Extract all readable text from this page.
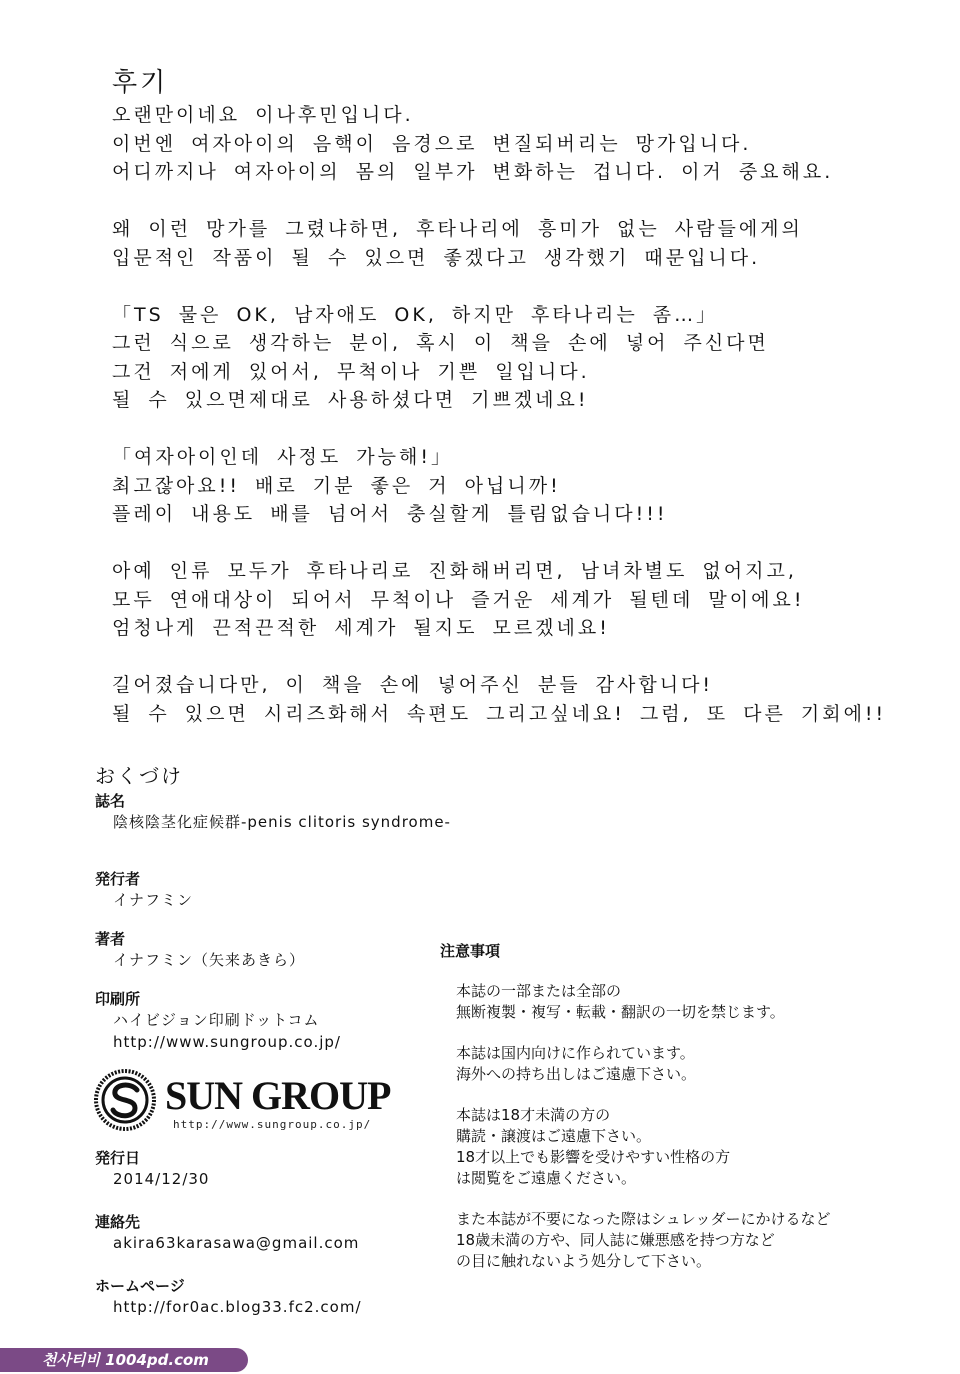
후기
오랜만이네요 이나후민입니다.
이번엔 여자아이의 음핵이 음경으로 변질되버리는 망가입니다.
어디까지나 여자아이의 몸의 일부가 변화하는 겁니다. 이거 중요해요.
왜 이런 망가를 그렸냐하면, 후타나리에 흥미가 없는 사람들에게의
입문적인 작품이 될 수 있으면 좋겠다고 생각했기 때문입니다.
「TS 물은 OK, 남자애도 OK, 하지만 후타나리는 좀…」
그런 식으로 생각하는 분이, 혹시 이 책을 손에 넣어 주신다면
그건 저에게 있어서, 무척이나 기쁜 일입니다.
될 수 있으면제대로 사용하셨다면 기쁘겠네요!
「여자아이인데 사정도 가능해!」
최고잖아요!! 배로 기분 좋은 거 아닙니까!
플레이 내용도 배를 넘어서 충실할게 틀림없습니다!!!
아예 인류 모두가 후타나리로 진화해버리면, 남녀차별도 없어지고,
모두 연애대상이 되어서 무척이나 즐거운 세계가 될텐데 말이에요!
엄청나게 끈적끈적한 세계가 될지도 모르겠네요!
길어졌습니다만, 이 책을 손에 넣어주신 분들 감사합니다!
될 수 있으면 시리즈화해서 속편도 그리고싶네요! 그럼, 또 다른 기회에!!
おくづけ
誌名
陰核陰茎化症候群-penis clitoris syndrome-
発行者
イナフミン
著者
イナフミン（矢来あきら）
印刷所
ハイビジョン印刷ドットコム
http://www.sungroup.co.jp/
SUN GROUP
http://www.sungroup.co.jp/
発行日
2014/12/30
連絡先
akira63karasawa@gmail.com
ホームページ
http://for0ac.blog33.fc2.com/
注意事項
本誌の一部または全部の
無断複製・複写・転載・翻訳の一切を禁じます。
本誌は国内向けに作られています。
海外への持ち出しはご遠慮下さい。
本誌は18才未満の方の
購読・譲渡はご遠慮下さい。
18才以上でも影響を受けやすい性格の方
は閲覧をご遠慮ください。
また本誌が不要になった際はシュレッダーにかけるなど
18歳未満の方や、同人誌に嫌悪感を持つ方など
の目に触れないよう処分して下さい。
천사티비 1004pd.com
